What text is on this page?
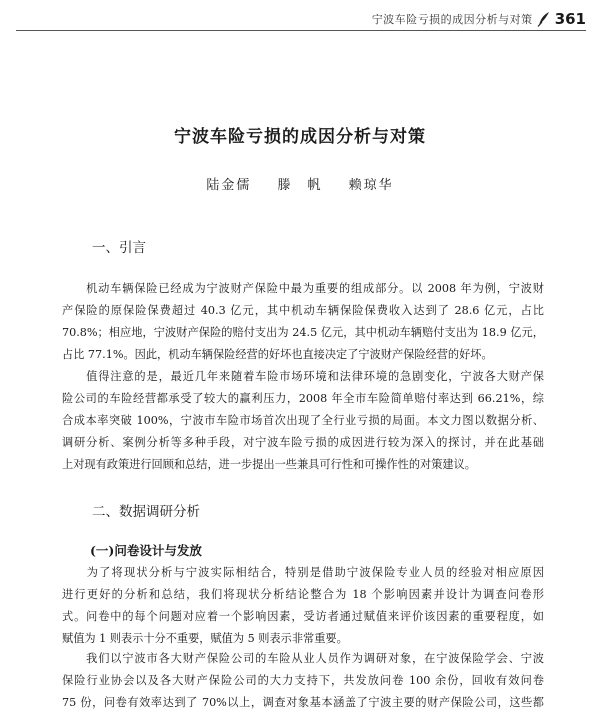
宁波车险亏损的成因分析与对策 361
宁波车险亏损的成因分析与对策
陆金儒 滕　帆 赖琼华
一、引言
　　机动车辆保险已经成为宁波财产保险中最为重要的组成部分。以 2008 年为例，宁波财
产保险的原保险保费超过 40.3 亿元，其中机动车辆保险保费收入达到了 28.6 亿元，占比
70.8%；相应地，宁波财产保险的赔付支出为 24.5 亿元，其中机动车辆赔付支出为 18.9 亿元，
占比 77.1%。因此，机动车辆保险经营的好坏也直接决定了宁波财产保险经营的好坏。
　　值得注意的是，最近几年来随着车险市场环境和法律环境的急剧变化，宁波各大财产保
险公司的车险经营都承受了较大的赢利压力，2008 年全市车险简单赔付率达到 66.21%，综
合成本率突破 100%，宁波市车险市场首次出现了全行业亏损的局面。本文力图以数据分析、
调研分析、案例分析等多种手段，对宁波车险亏损的成因进行较为深入的探讨，并在此基础
上对现有政策进行回顾和总结，进一步提出一些兼具可行性和可操作性的对策建议。
二、数据调研分析
(一)问卷设计与发放
　　为了将现状分析与宁波实际相结合，特别是借助宁波保险专业人员的经验对相应原因
进行更好的分析和总结，我们将现状分析结论整合为 18 个影响因素并设计为调查问卷形
式。问卷中的每个问题对应着一个影响因素，受访者通过赋值来评价该因素的重要程度，如
赋值为 1 则表示十分不重要，赋值为 5 则表示非常重要。
　　我们以宁波市各大财产保险公司的车险从业人员作为调研对象，在宁波保险学会、宁波
保险行业协会以及各大财产保险公司的大力支持下，共发放问卷 100 余份，回收有效问卷
75 份，问卷有效率达到了 70%以上，调查对象基本涵盖了宁波主要的财产保险公司，这些都
